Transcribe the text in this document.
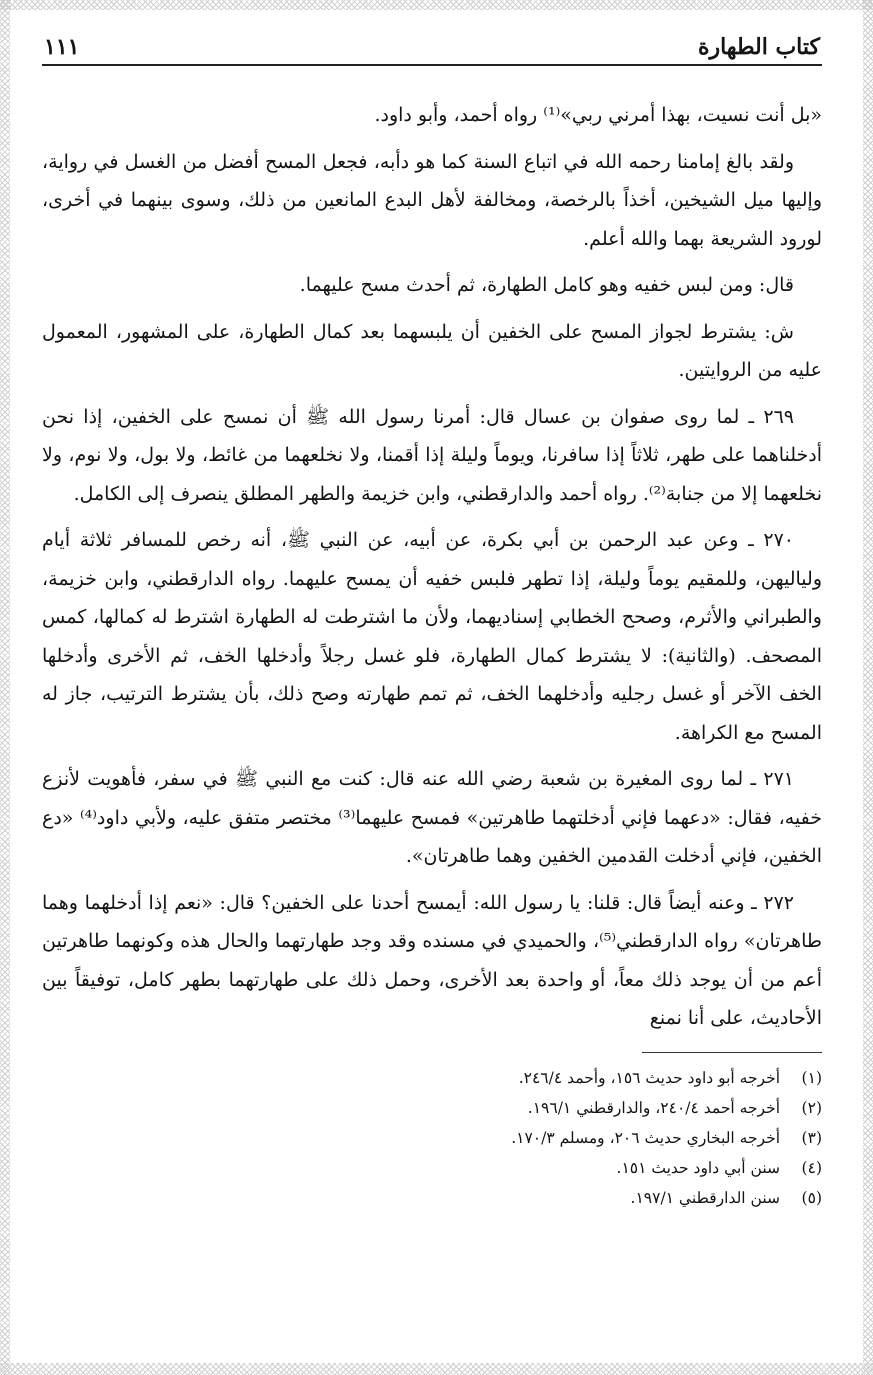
كتاب الطهارة
١١١

«بل أنت نسيت، بهذا أمرني ربي»⁽¹⁾ رواه أحمد، وأبو داود.

ولقد بالغ إمامنا رحمه الله في اتباع السنة كما هو دأبه، فجعل المسح أفضل من الغسل في رواية، وإليها ميل الشيخين، أخذاً بالرخصة، ومخالفة لأهل البدع المانعين من ذلك، وسوى بينهما في أخرى، لورود الشريعة بهما والله أعلم.

قال: ومن لبس خفيه وهو كامل الطهارة، ثم أحدث مسح عليهما.

ش: يشترط لجواز المسح على الخفين أن يلبسهما بعد كمال الطهارة، على المشهور، المعمول عليه من الروايتين.

٢٦٩ ـ لما روى صفوان بن عسال قال: أمرنا رسول الله ﷺ أن نمسح على الخفين، إذا نحن أدخلناهما على طهر، ثلاثاً إذا سافرنا، ويوماً وليلة إذا أقمنا، ولا نخلعهما من غائط، ولا بول، ولا نوم، ولا نخلعهما إلا من جنابة⁽²⁾. رواه أحمد والدارقطني، وابن خزيمة والطهر المطلق ينصرف إلى الكامل.

٢٧٠ ـ وعن عبد الرحمن بن أبي بكرة، عن أبيه، عن النبي ﷺ، أنه رخص للمسافر ثلاثة أيام ولياليهن، وللمقيم يوماً وليلة، إذا تطهر فلبس خفيه أن يمسح عليهما. رواه الدارقطني، وابن خزيمة، والطبراني والأثرم، وصحح الخطابي إسناديهما، ولأن ما اشترطت له الطهارة اشترط له كمالها، كمس المصحف. (والثانية): لا يشترط كمال الطهارة، فلو غسل رجلاً وأدخلها الخف، ثم الأخرى وأدخلها الخف الآخر أو غسل رجليه وأدخلهما الخف، ثم تمم طهارته وصح ذلك، بأن يشترط الترتيب، جاز له المسح مع الكراهة.

٢٧١ ـ لما روى المغيرة بن شعبة رضي الله عنه قال: كنت مع النبي ﷺ في سفر، فأهويت لأنزع خفيه، فقال: «دعهما فإني أدخلتهما طاهرتين» فمسح عليهما⁽³⁾ مختصر متفق عليه، ولأبي داود⁽⁴⁾ «دع الخفين، فإني أدخلت القدمين الخفين وهما طاهرتان».

٢٧٢ ـ وعنه أيضاً قال: قلنا: يا رسول الله: أيمسح أحدنا على الخفين؟ قال: «نعم إذا أدخلهما وهما طاهرتان» رواه الدارقطني⁽⁵⁾، والحميدي في مسنده وقد وجد طهارتهما والحال هذه وكونهما طاهرتين أعم من أن يوجد ذلك معاً، أو واحدة بعد الأخرى، وحمل ذلك على طهارتهما بطهر كامل، توفيقاً بين الأحاديث، على أنا نمنع

(١)
أخرجه أبو داود حديث ١٥٦، وأحمد ٢٤٦/٤.
(٢)
أخرجه أحمد ٢٤٠/٤، والدارقطني ١٩٦/١.
(٣)
أخرجه البخاري حديث ٢٠٦، ومسلم ١٧٠/٣.
(٤)
سنن أبي داود حديث ١٥١.
(٥)
سنن الدارقطني ١٩٧/١.
